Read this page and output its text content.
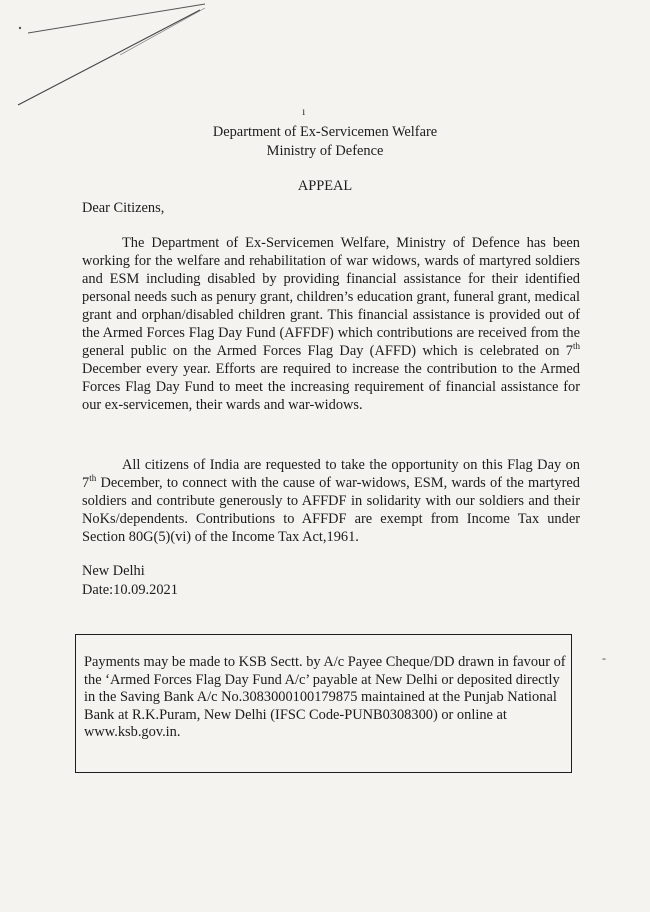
ı
Department of Ex-Servicemen Welfare
Ministry of Defence
APPEAL
Dear Citizens,

The Department of Ex-Servicemen Welfare, Ministry of Defence has been working for the welfare and rehabilitation of war widows, wards of martyred soldiers and ESM including disabled by providing financial assistance for their identified personal needs such as penury grant, children’s education grant, funeral grant, medical grant and orphan/disabled children grant. This financial assistance is provided out of the Armed Forces Flag Day Fund (AFFDF) which contributions are received from the general public on the Armed Forces Flag Day (AFFD) which is celebrated on 7th December every year. Efforts are required to increase the contribution to the Armed Forces Flag Day Fund to meet the increasing requirement of financial assistance for our ex-servicemen, their wards and war-widows.

All citizens of India are requested to take the opportunity on this Flag Day on 7th December, to connect with the cause of war-widows, ESM, wards of the martyred soldiers and contribute generously to AFFDF in solidarity with our soldiers and their NoKs/dependents. Contributions to AFFDF are exempt from Income Tax under Section 80G(5)(vi) of the Income Tax Act,1961.

New Delhi
Date:10.09.2021
Payments may be made to KSB Sectt. by A/c Payee Cheque/DD drawn in favour of the ‘Armed Forces Flag Day Fund A/c’ payable at New Delhi or deposited directly in the Saving Bank A/c No.3083000100179875 maintained at the Punjab National Bank at R.K.Puram, New Delhi (IFSC Code-PUNB0308300) or online at www.ksb.gov.in.
-
